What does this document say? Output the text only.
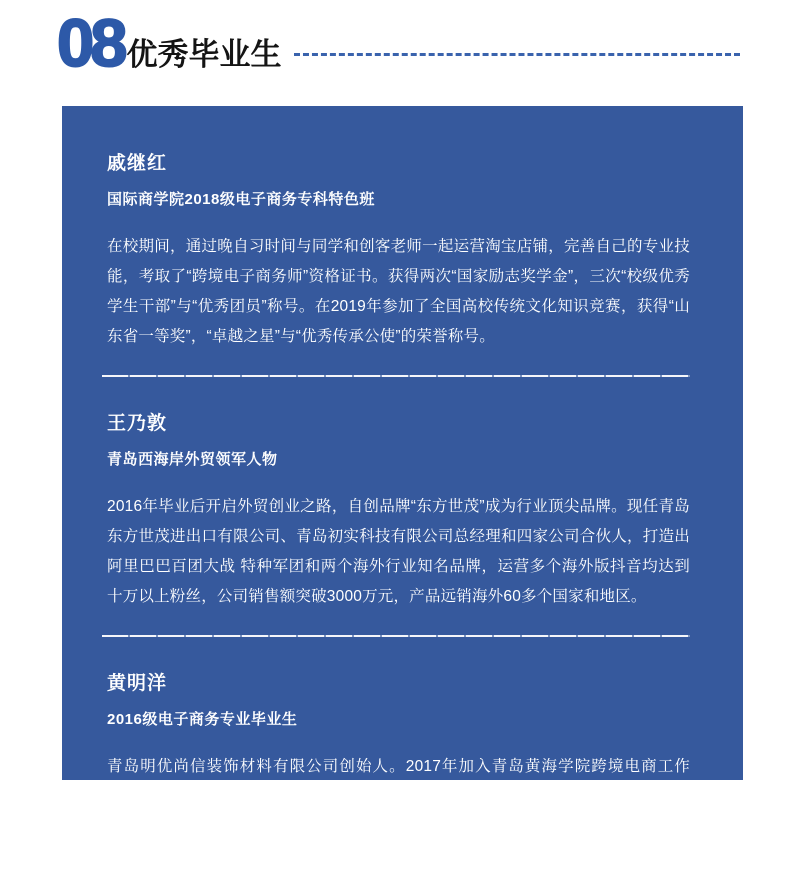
08 优秀毕业生
戚继红
国际商学院2018级电子商务专科特色班
在校期间，通过晚自习时间与同学和创客老师一起运营淘宝店铺，完善自己的专业技能，考取了“跨境电子商务师”资格证书。获得两次“国家励志奖学金”，三次“校级优秀学生干部”与“优秀团员”称号。在2019年参加了全国高校传统文化知识竞赛，获得“山东省一等奖”，“卓越之星”与“优秀传承公使”的荣誉称号。
王乃敦
青岛西海岸外贸领军人物
2016年毕业后开启外贸创业之路，自创品牌“东方世茂”成为行业顶尖品牌。现任青岛东方世茂进出口有限公司、青岛初实科技有限公司总经理和四家公司合伙人，打造出阿里巴巴百团大战 特种军团和两个海外行业知名品牌，运营多个海外版抖音均达到十万以上粉丝，公司销售额突破3000万元，产品远销海外60多个国家和地区。
黄明洋
2016级电子商务专业毕业生
青岛明优尚信装饰材料有限公司创始人。2017年加入青岛黄海学院跨境电商工作室，在企业导师指导下，掌握了跨境电商业务运营全套流程，并于2018年创办公司，主营墙纸墙板等业务，产品出口美国加拿大、法国尼日利亚等国家， 年销售额达100万美金，优质客户众多。
